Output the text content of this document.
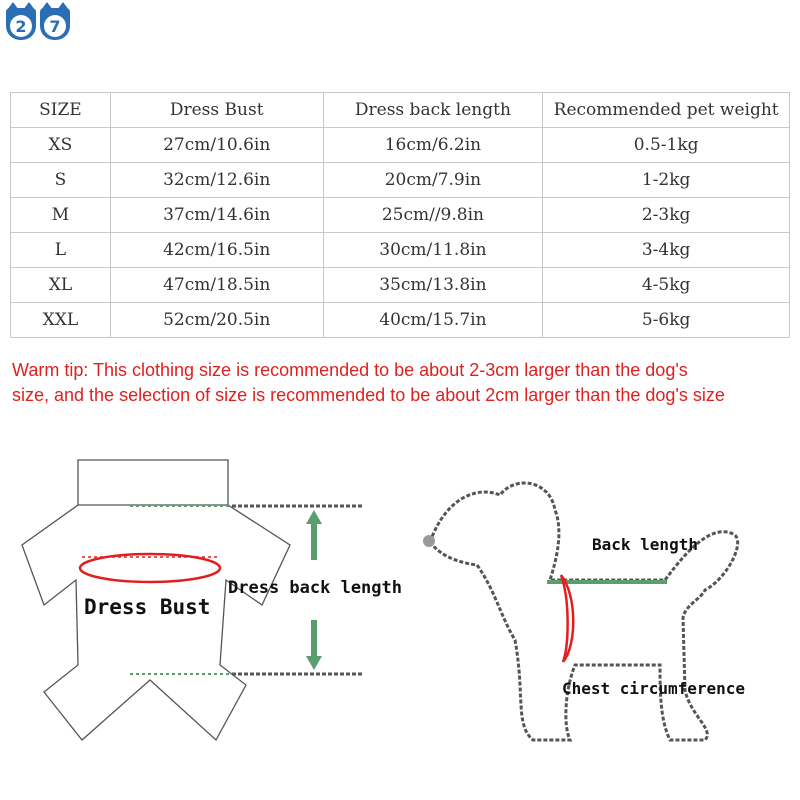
2	7
SIZE	Dress Bust	Dress back length	Recommended pet weight
XS	27cm/10.6in	16cm/6.2in	0.5-1kg
S	32cm/12.6in	20cm/7.9in	1-2kg
M	37cm/14.6in	25cm//9.8in	2-3kg
L	42cm/16.5in	30cm/11.8in	3-4kg
XL	47cm/18.5in	35cm/13.8in	4-5kg
XXL	52cm/20.5in	40cm/15.7in	5-6kg
Warm tip: This clothing size is recommended to be about 2-3cm larger than the dog's
size, and the selection of size is recommended to be about 2cm larger than the dog's size
Dress Bust
Dress back length
Back length
Chest circumference
